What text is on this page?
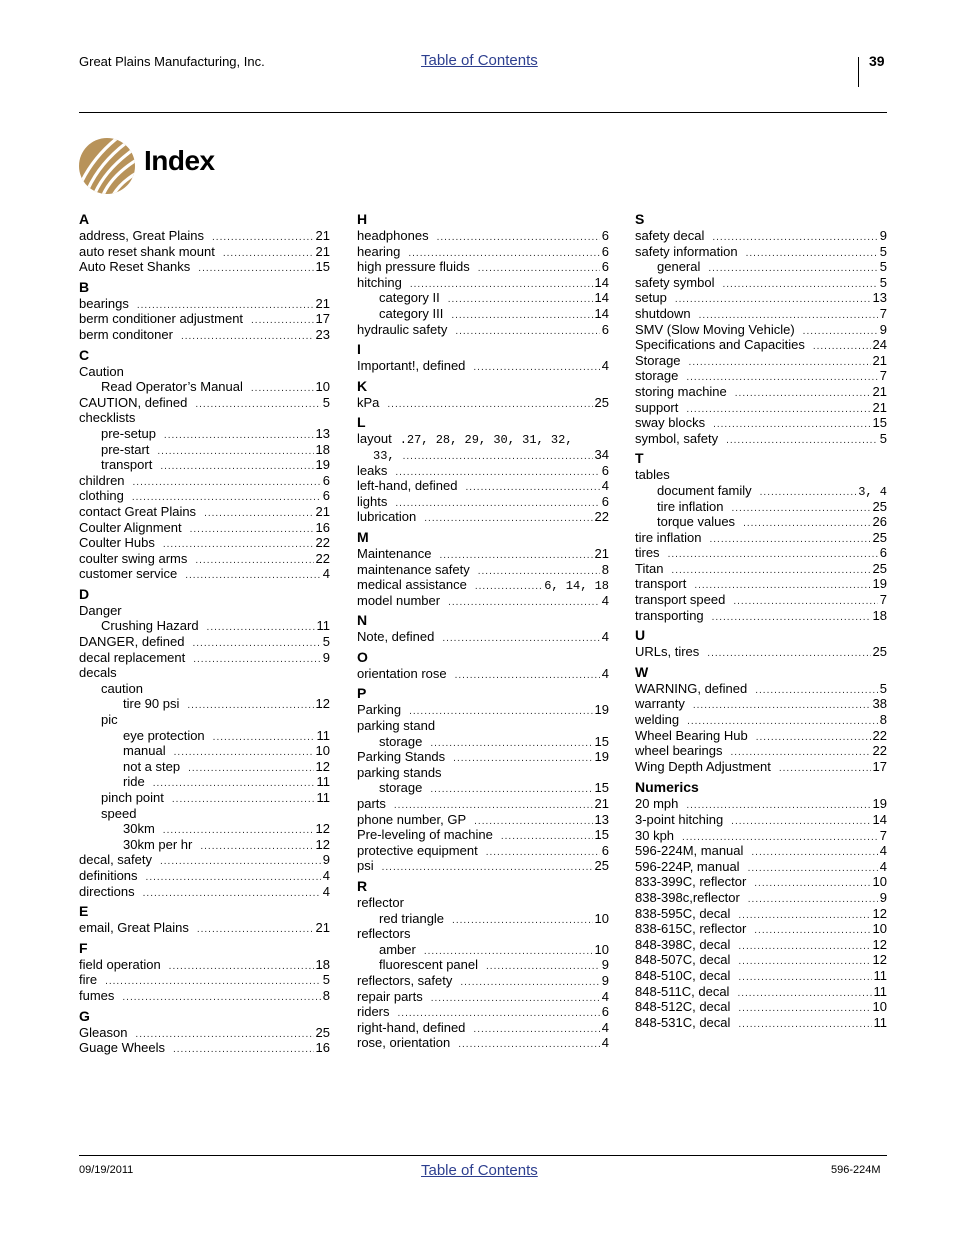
Great Plains Manufacturing, Inc.	Table of Contents	39
Index
A
address, Great Plains .....	21
auto reset shank mount .....	21
Auto Reset Shanks .....	15
B
bearings .....	21
berm conditioner adjustment .....	17
berm conditoner .....	23
C
Caution
Read Operator’s Manual .....	10
CAUTION, defined .....	5
checklists
pre-setup .....	13
pre-start .....	18
transport .....	19
children .....	6
clothing .....	6
contact Great Plains .....	21
Coulter Alignment .....	16
Coulter Hubs .....	22
coulter swing arms .....	22
customer service .....	4
D
Danger
Crushing Hazard .....	11
DANGER, defined .....	5
decal replacement .....	9
decals
caution
tire 90 psi .....	12
pic
eye protection .....	11
manual .....	10
not a step .....	12
ride .....	11
pinch point .....	11
speed
30km .....	12
30km per hr .....	12
decal, safety .....	9
definitions .....	4
directions .....	4
E
email, Great Plains .....	21
F
field operation .....	18
fire .....	5
fumes .....	8
G
Gleason .....	25
Guage Wheels .....	16
H
headphones .....	6
hearing .....	6
high pressure fluids .....	6
hitching .....	14
category II .....	14
category III .....	14
hydraulic safety .....	6
I
Important!, defined .....	4
K
kPa .....	25
L
layout .27, 28, 29, 30, 31, 32,
33, .....	34
leaks .....	6
left-hand, defined .....	4
lights .....	6
lubrication .....	22
M
Maintenance .....	21
maintenance safety .....	8
medical assistance .....	6, 14, 18
model number .....	4
N
Note, defined .....	4
O
orientation rose .....	4
P
Parking .....	19
parking stand
storage .....	15
Parking Stands .....	19
parking stands
storage .....	15
parts .....	21
phone number, GP .....	13
Pre-leveling of machine .....	15
protective equipment .....	6
psi .....	25
R
reflector
red triangle .....	10
reflectors
amber .....	10
fluorescent panel .....	9
reflectors, safety .....	9
repair parts .....	4
riders .....	6
right-hand, defined .....	4
rose, orientation .....	4
S
safety decal .....	9
safety information .....	5
general .....	5
safety symbol .....	5
setup .....	13
shutdown .....	7
SMV (Slow Moving Vehicle) .....	9
Specifications and Capacities .....	24
Storage .....	21
storage .....	7
storing machine .....	21
support .....	21
sway blocks .....	15
symbol, safety .....	5
T
tables
document family .....	3, 4
tire inflation .....	25
torque values .....	26
tire inflation .....	25
tires .....	6
Titan .....	25
transport .....	19
transport speed .....	7
transporting .....	18
U
URLs, tires .....	25
W
WARNING, defined .....	5
warranty .....	38
welding .....	8
Wheel Bearing Hub .....	22
wheel bearings .....	22
Wing Depth Adjustment .....	17
Numerics
20 mph .....	19
3-point hitching .....	14
30 kph .....	7
596-224M, manual .....	4
596-224P, manual .....	4
833-399C, reflector .....	10
838-398c,reflector .....	9
838-595C, decal .....	12
838-615C, reflector .....	10
848-398C, decal .....	12
848-507C, decal .....	12
848-510C, decal .....	11
848-511C, decal .....	11
848-512C, decal .....	10
848-531C, decal .....	11
09/19/2011	Table of Contents	596-224M
